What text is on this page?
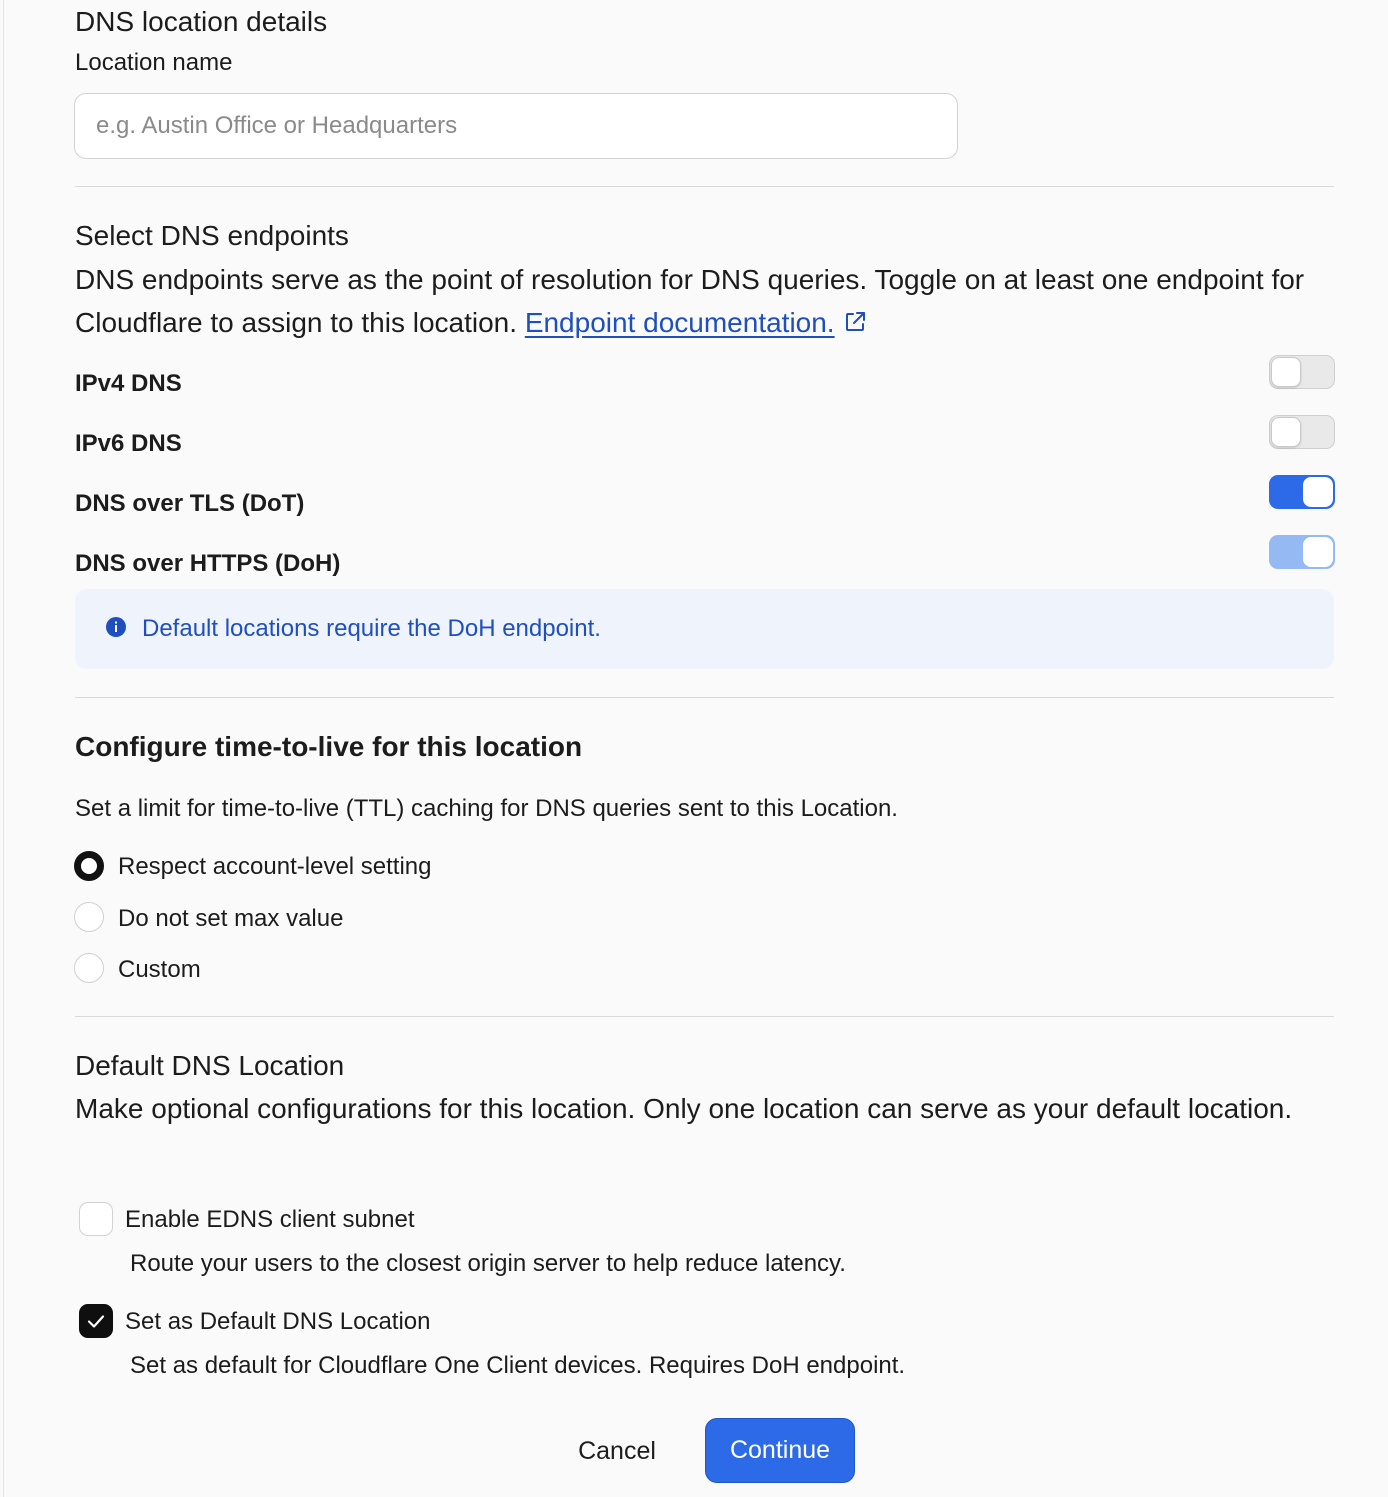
DNS location details
Location name
e.g. Austin Office or Headquarters
Select DNS endpoints
DNS endpoints serve as the point of resolution for DNS queries. Toggle on at least one endpoint for Cloudflare to assign to this location. Endpoint documentation.
IPv4 DNS
IPv6 DNS
DNS over TLS (DoT)
DNS over HTTPS (DoH)
Default locations require the DoH endpoint.
Configure time-to-live for this location
Set a limit for time-to-live (TTL) caching for DNS queries sent to this Location.
Respect account-level setting
Do not set max value
Custom
Default DNS Location
Make optional configurations for this location. Only one location can serve as your default location.
Enable EDNS client subnet
Route your users to the closest origin server to help reduce latency.
Set as Default DNS Location
Set as default for Cloudflare One Client devices. Requires DoH endpoint.
Cancel	Continue
